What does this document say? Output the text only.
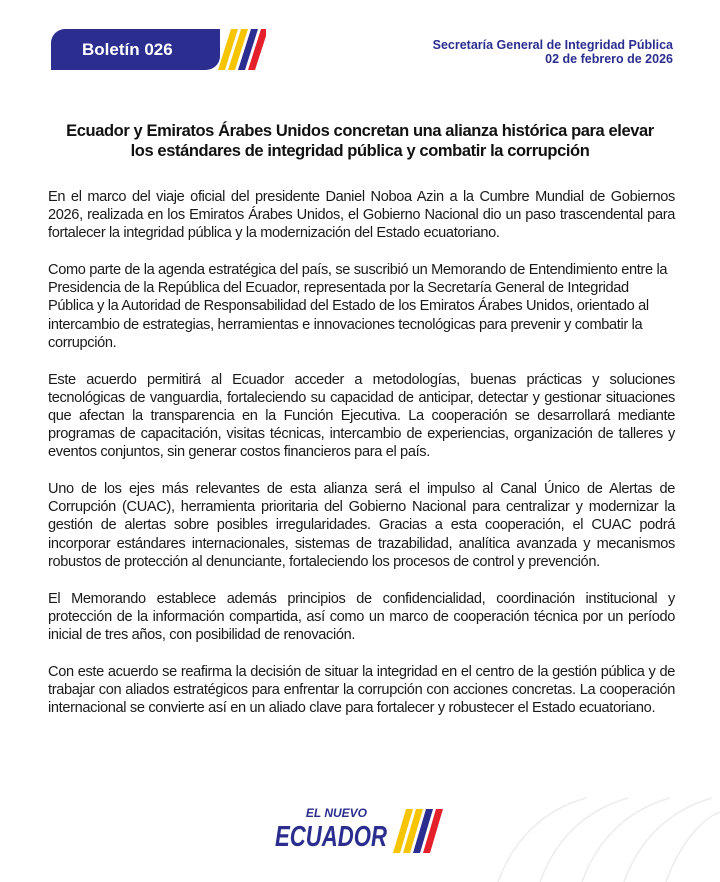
Boletín 026	Secretaría General de Integridad Pública
02 de febrero de 2026
Ecuador y Emiratos Árabes Unidos concretan una alianza histórica para elevar los estándares de integridad pública y combatir la corrupción

En el marco del viaje oficial del presidente Daniel Noboa Azin a la Cumbre Mundial de Gobiernos 2026, realizada en los Emiratos Árabes Unidos, el Gobierno Nacional dio un paso trascendental para fortalecer la integridad pública y la modernización del Estado ecuatoriano.

Como parte de la agenda estratégica del país, se suscribió un Memorando de Entendimiento entre la Presidencia de la República del Ecuador, representada por la Secretaría General de Integridad Pública y la Autoridad de Responsabilidad del Estado de los Emiratos Árabes Unidos, orientado al intercambio de estrategias, herramientas e innovaciones tecnológicas para prevenir y combatir la corrupción.

Este acuerdo permitirá al Ecuador acceder a metodologías, buenas prácticas y soluciones tecnológicas de vanguardia, fortaleciendo su capacidad de anticipar, detectar y gestionar situaciones que afectan la transparencia en la Función Ejecutiva. La cooperación se desarrollará mediante programas de capacitación, visitas técnicas, intercambio de experiencias, organización de talleres y eventos conjuntos, sin generar costos financieros para el país.

Uno de los ejes más relevantes de esta alianza será el impulso al Canal Único de Alertas de Corrupción (CUAC), herramienta prioritaria del Gobierno Nacional para centralizar y modernizar la gestión de alertas sobre posibles irregularidades. Gracias a esta cooperación, el CUAC podrá incorporar estándares internacionales, sistemas de trazabilidad, analítica avanzada y mecanismos robustos de protección al denunciante, fortaleciendo los procesos de control y prevención.

El Memorando establece además principios de confidencialidad, coordinación institucional y protección de la información compartida, así como un marco de cooperación técnica por un período inicial de tres años, con posibilidad de renovación.

Con este acuerdo se reafirma la decisión de situar la integridad en el centro de la gestión pública y de trabajar con aliados estratégicos para enfrentar la corrupción con acciones concretas. La cooperación internacional se convierte así en un aliado clave para fortalecer y robustecer el Estado ecuatoriano.

EL NUEVO
ECUADOR
